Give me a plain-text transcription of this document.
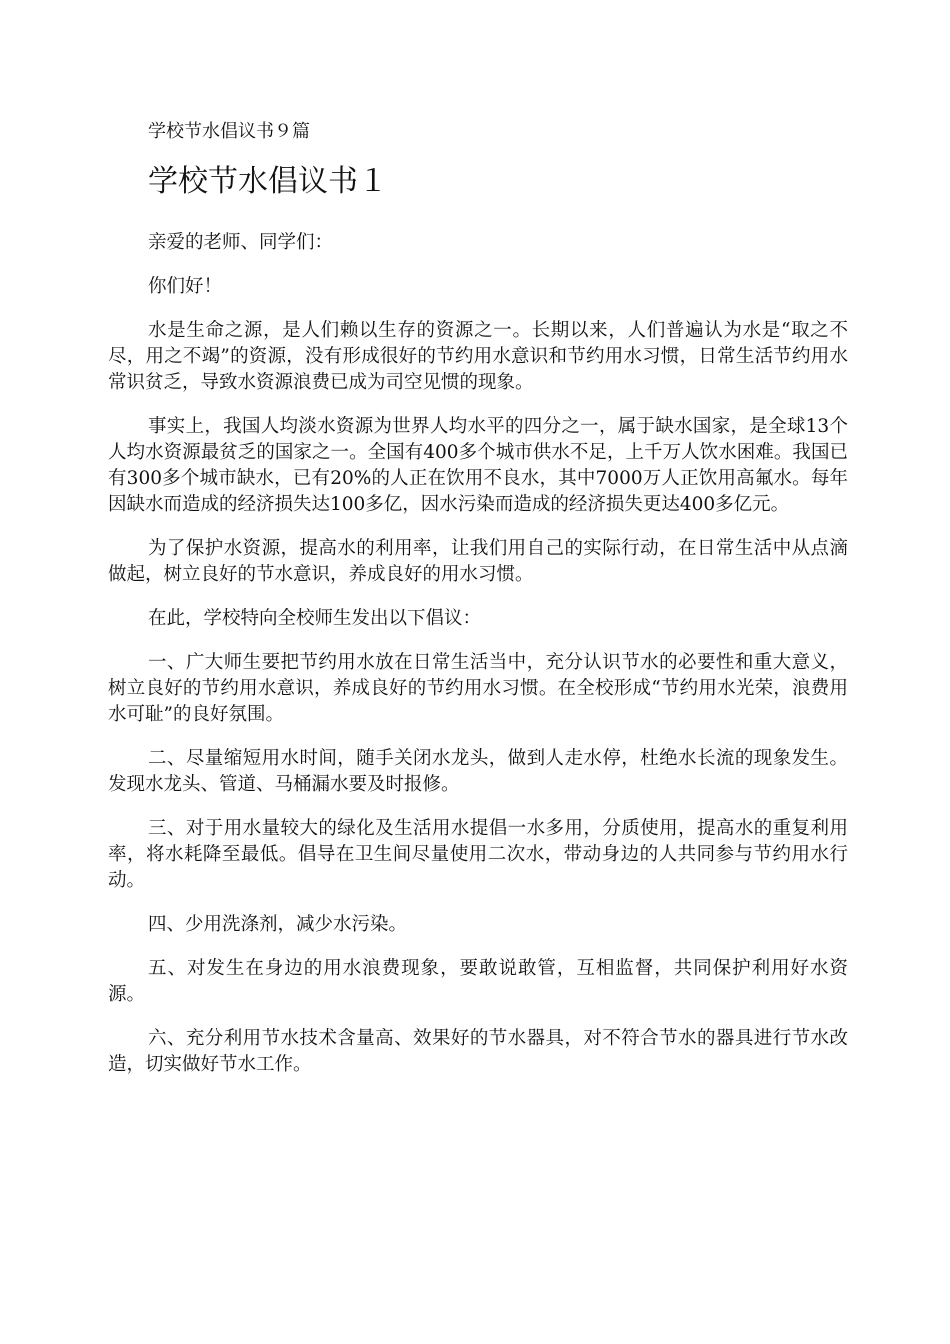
学校节水倡议书９篇
学校节水倡议书１

亲爱的老师、同学们：

你们好！

水是生命之源，是人们赖以生存的资源之一。长期以来，人们普遍认为水是“取之不尽，用之不竭”的资源，没有形成很好的节约用水意识和节约用水习惯，日常生活节约用水常识贫乏，导致水资源浪费已成为司空见惯的现象。

事实上，我国人均淡水资源为世界人均水平的四分之一，属于缺水国家，是全球13个人均水资源最贫乏的国家之一。全国有400多个城市供水不足，上千万人饮水困难。我国已有300多个城市缺水，已有20%的人正在饮用不良水，其中7000万人正饮用高氟水。每年因缺水而造成的经济损失达100多亿，因水污染而造成的经济损失更达400多亿元。

为了保护水资源，提高水的利用率，让我们用自己的实际行动，在日常生活中从点滴做起，树立良好的节水意识，养成良好的用水习惯。

在此，学校特向全校师生发出以下倡议：

一、广大师生要把节约用水放在日常生活当中，充分认识节水的必要性和重大意义，树立良好的节约用水意识，养成良好的节约用水习惯。在全校形成“节约用水光荣，浪费用水可耻”的良好氛围。

二、尽量缩短用水时间，随手关闭水龙头，做到人走水停，杜绝水长流的现象发生。发现水龙头、管道、马桶漏水要及时报修。

三、对于用水量较大的绿化及生活用水提倡一水多用，分质使用，提高水的重复利用率，将水耗降至最低。倡导在卫生间尽量使用二次水，带动身边的人共同参与节约用水行动。

四、少用洗涤剂，减少水污染。

五、对发生在身边的用水浪费现象，要敢说敢管，互相监督，共同保护利用好水资源。

六、充分利用节水技术含量高、效果好的节水器具，对不符合节水的器具进行节水改造，切实做好节水工作。
